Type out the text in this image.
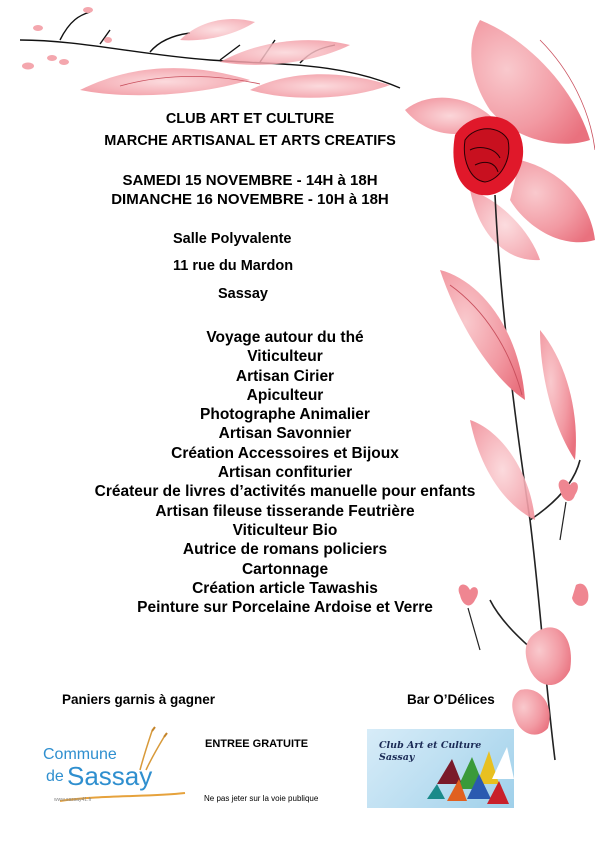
CLUB ART ET CULTURE
MARCHE ARTISANAL ET ARTS CREATIFS
SAMEDI 15 NOVEMBRE - 14H à 18H
DIMANCHE 16 NOVEMBRE - 10H à 18H
Salle Polyvalente
11 rue du Mardon
Sassay
Voyage autour du thé
Viticulteur
Artisan Cirier
Apiculteur
Photographe Animalier
Artisan Savonnier
Création Accessoires et Bijoux
Artisan confiturier
Créateur de livres d’activités manuelle pour enfants
Artisan fileuse tisserande Feutrière
Viticulteur Bio
Autrice de romans policiers
Cartonnage
Création article Tawashis
Peinture sur Porcelaine Ardoise et Verre
Paniers garnis à gagner	Bar O’Délices
ENTREE GRATUITE
Ne pas jeter sur la voie publique
Commune
de Sassay
www.sassay41.fr
Club Art et Culture
Sassay
